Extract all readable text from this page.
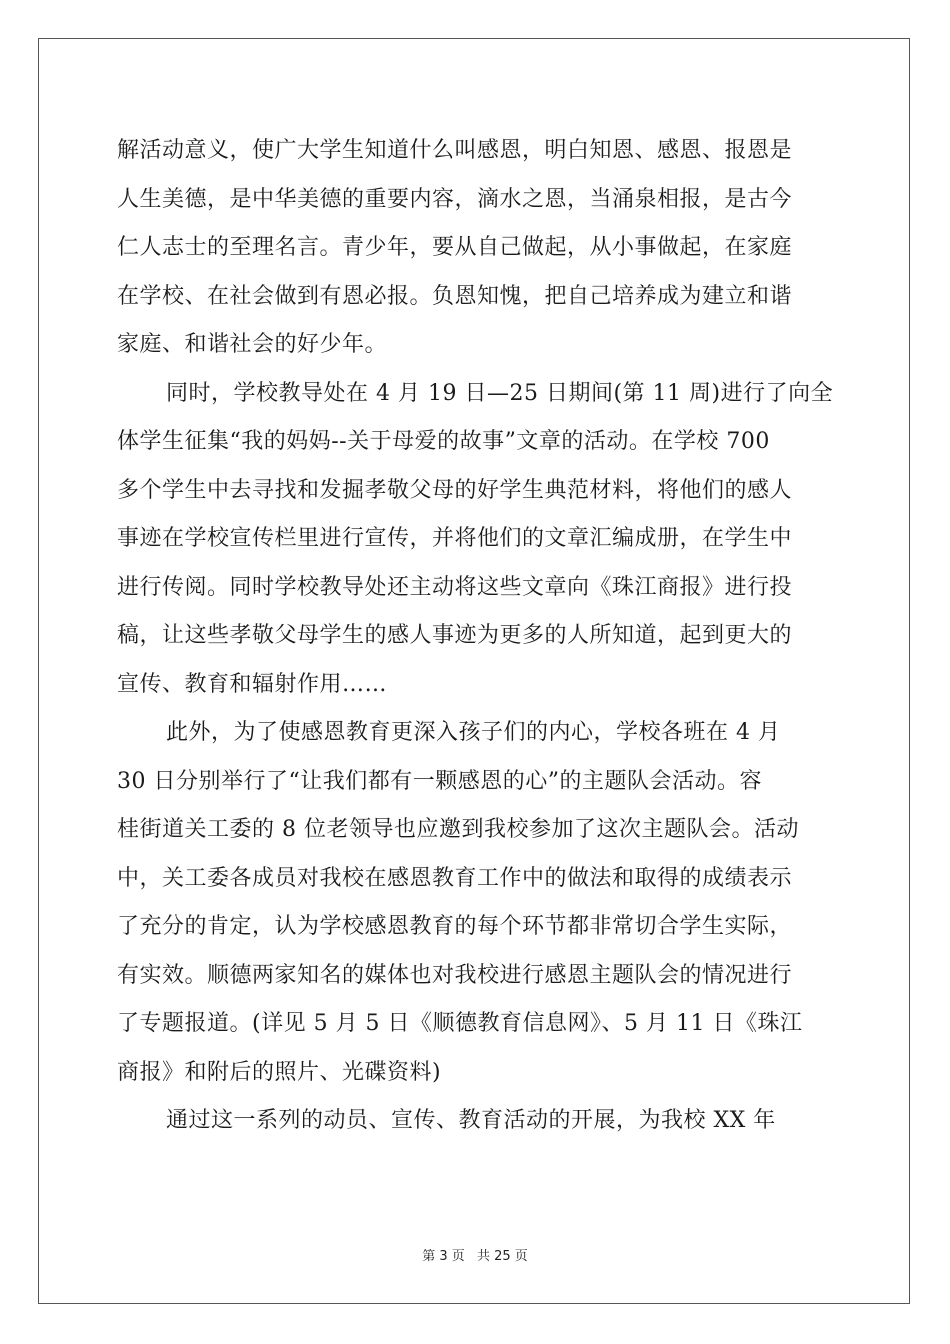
解活动意义，使广大学生知道什么叫感恩，明白知恩、感恩、报恩是
人生美德，是中华美德的重要内容，滴水之恩，当涌泉相报，是古今
仁人志士的至理名言。青少年，要从自己做起，从小事做起，在家庭
在学校、在社会做到有恩必报。负恩知愧，把自己培养成为建立和谐
家庭、和谐社会的好少年。
同时，学校教导处在 4 月 19 日—25 日期间(第 11 周)进行了向全
体学生征集“我的妈妈--关于母爱的故事”文章的活动。在学校 700
多个学生中去寻找和发掘孝敬父母的好学生典范材料，将他们的感人
事迹在学校宣传栏里进行宣传，并将他们的文章汇编成册，在学生中
进行传阅。同时学校教导处还主动将这些文章向《珠江商报》进行投
稿，让这些孝敬父母学生的感人事迹为更多的人所知道，起到更大的
宣传、教育和辐射作用……
此外，为了使感恩教育更深入孩子们的内心，学校各班在 4 月
30 日分别举行了“让我们都有一颗感恩的心”的主题队会活动。容
桂街道关工委的 8 位老领导也应邀到我校参加了这次主题队会。活动
中，关工委各成员对我校在感恩教育工作中的做法和取得的成绩表示
了充分的肯定，认为学校感恩教育的每个环节都非常切合学生实际，
有实效。顺德两家知名的媒体也对我校进行感恩主题队会的情况进行
了专题报道。(详见 5 月 5 日《顺德教育信息网》、5 月 11 日《珠江
商报》和附后的照片、光碟资料)
通过这一系列的动员、宣传、教育活动的开展，为我校 XX 年
第 3 页 共 25 页
